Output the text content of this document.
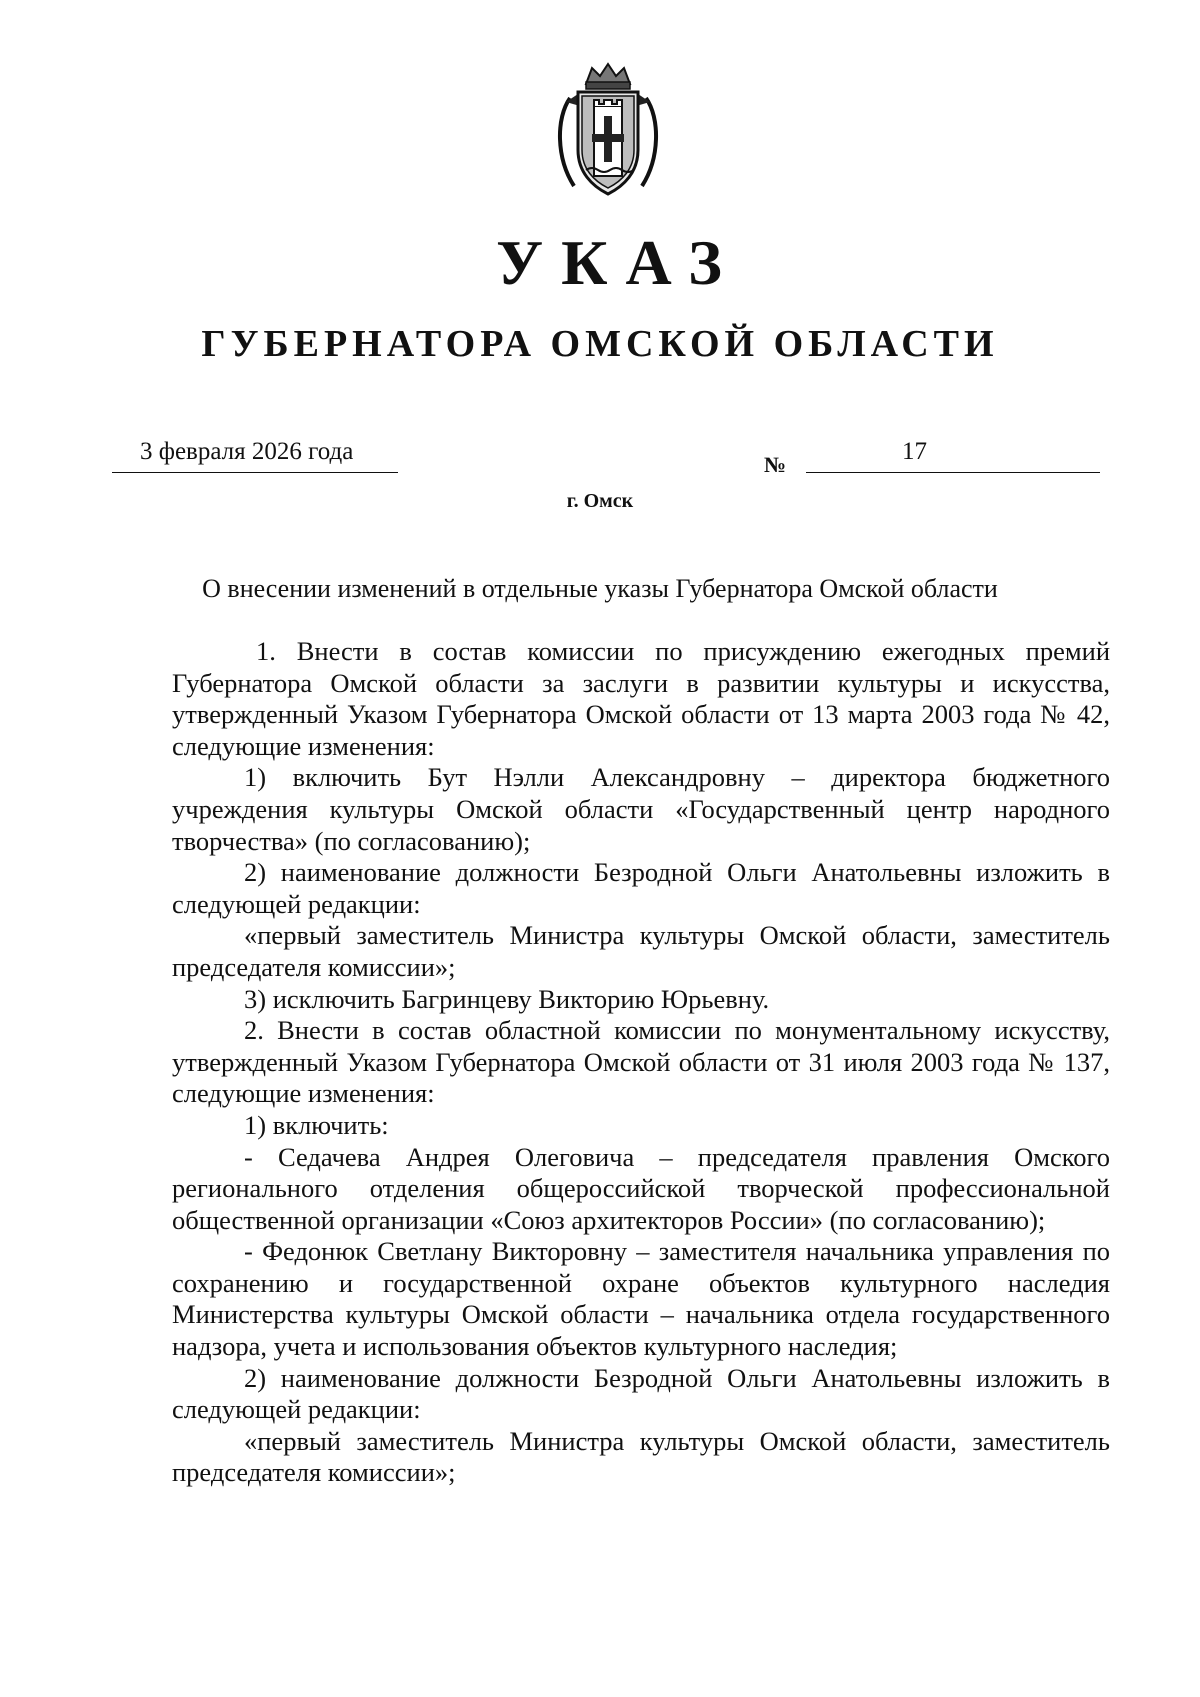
УКАЗ
ГУБЕРНАТОРА ОМСКОЙ ОБЛАСТИ
3 февраля 2026 года	№	17
г. Омск
О внесении изменений в отдельные указы Губернатора Омской области

1. Внести в состав комиссии по присуждению ежегодных премий Губернатора Омской области за заслуги в развитии культуры и искусства, утвержденный Указом Губернатора Омской области от 13 марта 2003 года № 42, следующие изменения:

1) включить Бут Нэлли Александровну – директора бюджетного учреждения культуры Омской области «Государственный центр народного творчества» (по согласованию);

2) наименование должности Безродной Ольги Анатольевны изложить в следующей редакции:

«первый заместитель Министра культуры Омской области, заместитель председателя комиссии»;

3) исключить Багринцеву Викторию Юрьевну.

2. Внести в состав областной комиссии по монументальному искусству, утвержденный Указом Губернатора Омской области от 31 июля 2003 года № 137, следующие изменения:

1) включить:

- Седачева Андрея Олеговича – председателя правления Омского регионального отделения общероссийской творческой профессиональной общественной организации «Союз архитекторов России» (по согласованию);

- Федонюк Светлану Викторовну – заместителя начальника управления по сохранению и государственной охране объектов культурного наследия Министерства культуры Омской области – начальника отдела государственного надзора, учета и использования объектов культурного наследия;

2) наименование должности Безродной Ольги Анатольевны изложить в следующей редакции:

«первый заместитель Министра культуры Омской области, заместитель председателя комиссии»;
